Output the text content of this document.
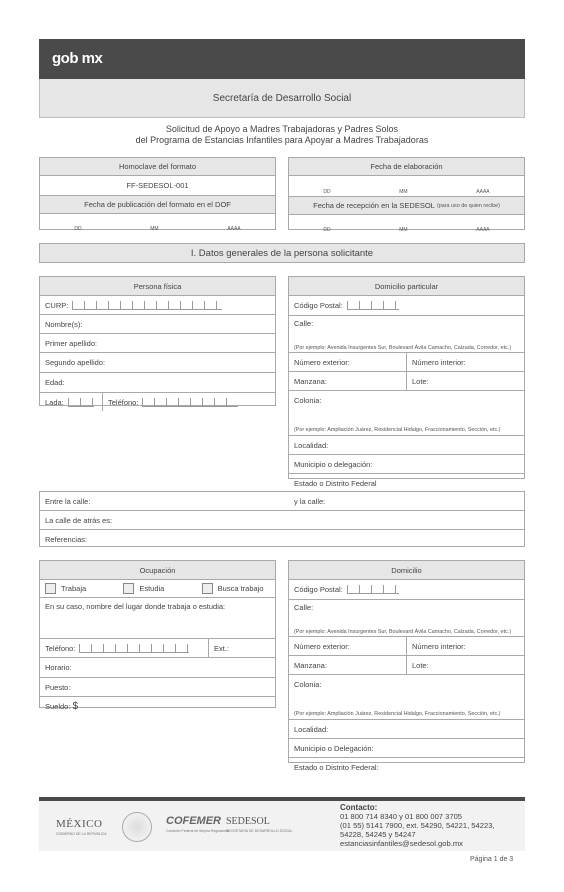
gob mx
Secretaría de Desarrollo Social
Solicitud de Apoyo a Madres Trabajadoras y Padres Solos
del Programa de Estancias Infantiles para Apoyar a Madres Trabajadoras
Homoclave del formato
FF-SEDESOL-001
Fecha de publicación del formato en el DOF
DD	MM	AAAA
Fecha de elaboración
DD	MM	AAAA
Fecha de recepción en la SEDESOL
(para uso de quien recibe)
DD	MM	AAAA
I. Datos generales de la persona solicitante
Persona física
CURP:
Nombre(s):
Primer apellido:
Segundo apellido:
Edad:
Lada:	Teléfono:
Domicilio particular
Código Postal:
Calle:
(Por ejemplo: Avenida Insurgentes Sur, Boulevard Ávila Camacho, Calzada, Corredor, etc.)
Número exterior:	Número interior:
Manzana:	Lote:
Colonia:
(Por ejemplo: Ampliación Juárez, Residencial Hidalgo, Fraccionamiento, Sección, etc.)
Localidad:
Municipio o delegación:
Estado o Distrito Federal
Entre la calle:	y la calle:
La calle de atrás es:
Referencias:
Ocupación
Trabaja	Estudia	Busca trabajo
En su caso, nombre del lugar donde trabaja o estudia:
Teléfono:	Ext.:
Horario:
Puesto:
Sueldo:
$
Domicilio
Código Postal:
Calle:
(Por ejemplo: Avenida Insurgentes Sur, Boulevard Ávila Camacho, Calzada, Corredor, etc.)
Número exterior:	Número interior:
Manzana:	Lote:
Colonia:
(Por ejemplo: Ampliación Juárez, Residencial Hidalgo, Fraccionamiento, Sección, etc.)
Localidad:
Municipio o Delegación:
Estado o Distrito Federal:
MÉXICO
GOBIERNO DE LA REPÚBLICA
COFEMER
Comisión Federal de Mejora Regulatoria
SEDESOL
SECRETARÍA DE DESARROLLO SOCIAL
Contacto:
01 800 714 8340 y 01 800 007 3705
(01 55) 5141 7900, ext. 54290, 54221, 54223,
54228, 54245 y 54247
estanciasinfantiles@sedesol.gob.mx
Página 1 de 3
